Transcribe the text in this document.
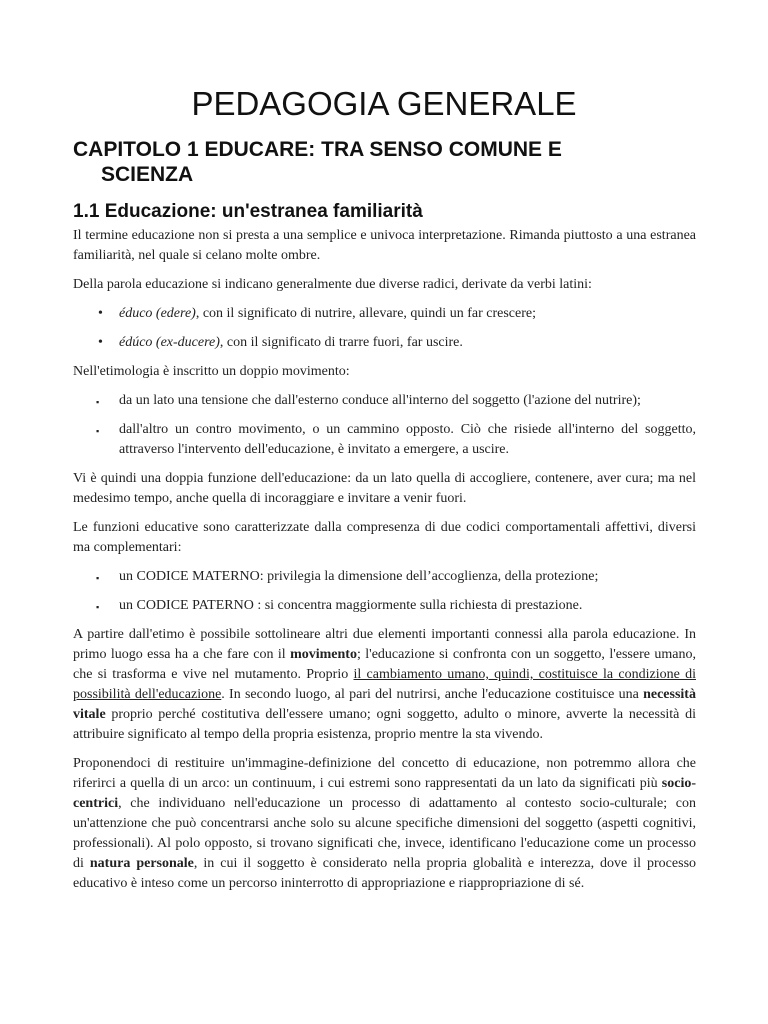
PEDAGOGIA GENERALE
CAPITOLO 1 EDUCARE: TRA SENSO COMUNE E
SCIENZA
1.1 Educazione: un'estranea familiarità

Il termine educazione non si presta a una semplice e univoca interpretazione. Rimanda piuttosto a una estranea familiarità, nel quale si celano molte ombre.

Della parola educazione si indicano generalmente due diverse radici, derivate da verbi latini:

• éduco (edere), con il significato di nutrire, allevare, quindi un far crescere;
• édúco (ex-ducere), con il significato di trarre fuori, far uscire.

Nell'etimologia è inscritto un doppio movimento:

▪ da un lato una tensione che dall'esterno conduce all'interno del soggetto (l'azione del nutrire);
▪ dall'altro un contro movimento, o un cammino opposto. Ciò che risiede all'interno del soggetto, attraverso l'intervento dell'educazione, è invitato a emergere, a uscire.

Vi è quindi una doppia funzione dell'educazione: da un lato quella di accogliere, contenere, aver cura; ma nel medesimo tempo, anche quella di incoraggiare e invitare a venir fuori.

Le funzioni educative sono caratterizzate dalla compresenza di due codici comportamentali affettivi, diversi ma complementari:

▪ un CODICE MATERNO: privilegia la dimensione dell’accoglienza, della protezione;
▪ un CODICE PATERNO : si concentra maggiormente sulla richiesta di prestazione.

A partire dall'etimo è possibile sottolineare altri due elementi importanti connessi alla parola educazione. In primo luogo essa ha a che fare con il movimento; l'educazione si confronta con un soggetto, l'essere umano, che si trasforma e vive nel mutamento. Proprio il cambiamento umano, quindi, costituisce la condizione di possibilità dell'educazione. In secondo luogo, al pari del nutrirsi, anche l'educazione costituisce una necessità vitale proprio perché costitutiva dell'essere umano; ogni soggetto, adulto o minore, avverte la necessità di attribuire significato al tempo della propria esistenza, proprio mentre la sta vivendo.

Proponendoci di restituire un'immagine-definizione del concetto di educazione, non potremmo allora che riferirci a quella di un arco: un continuum, i cui estremi sono rappresentati da un lato da significati più socio-centrici, che individuano nell'educazione un processo di adattamento al contesto socio-culturale; con un'attenzione che può concentrarsi anche solo su alcune specifiche dimensioni del soggetto (aspetti cognitivi, professionali). Al polo opposto, si trovano significati che, invece, identificano l'educazione come un processo di natura personale, in cui il soggetto è considerato nella propria globalità e interezza, dove il processo educativo è inteso come un percorso ininterrotto di appropriazione e riappropriazione di sé.
